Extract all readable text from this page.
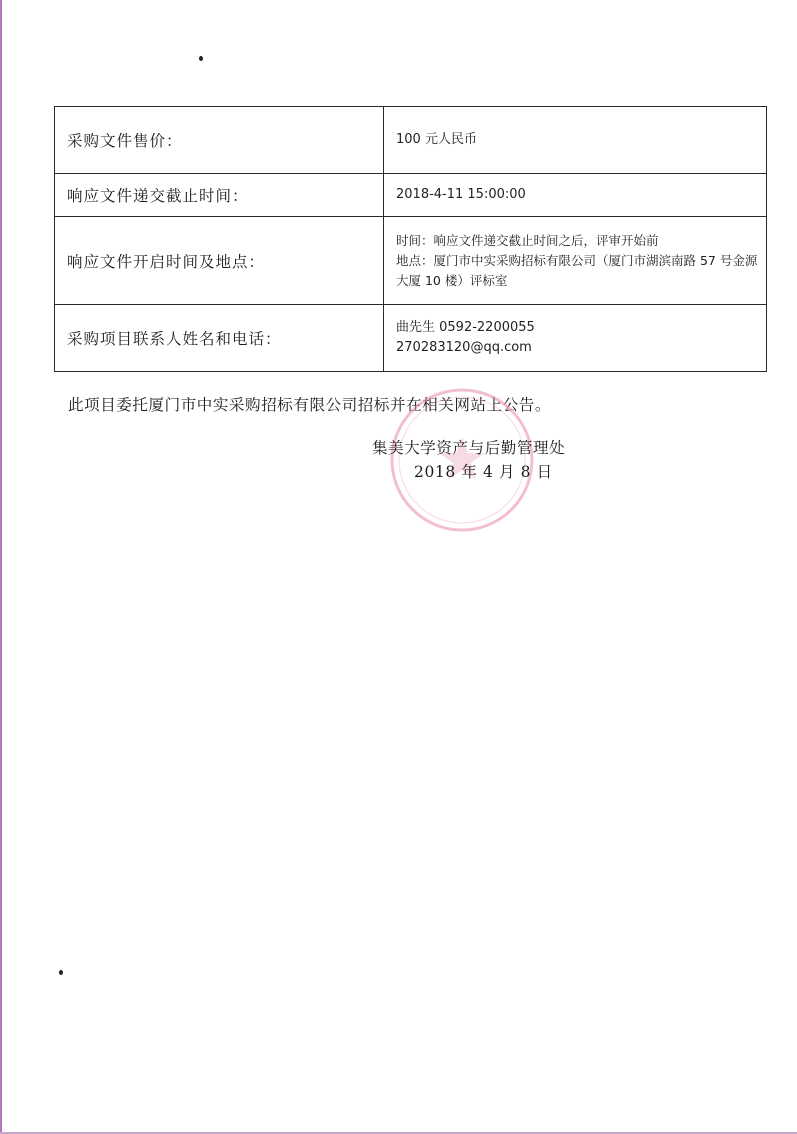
采购文件售价：	100 元人民币

响应文件递交截止时间：	2018-4-11 15:00:00

响应文件开启时间及地点：	时间：响应文件递交截止时间之后，评审开始前
地点：厦门市中实采购招标有限公司（厦门市湖滨南路 57 号金源大厦 10 楼）评标室

采购项目联系人姓名和电话：	曲先生 0592-2200055
270283120@qq.com
此项目委托厦门市中实采购招标有限公司招标并在相关网站上公告。
集美大学资产与后勤管理处
2018 年 4 月 8 日
